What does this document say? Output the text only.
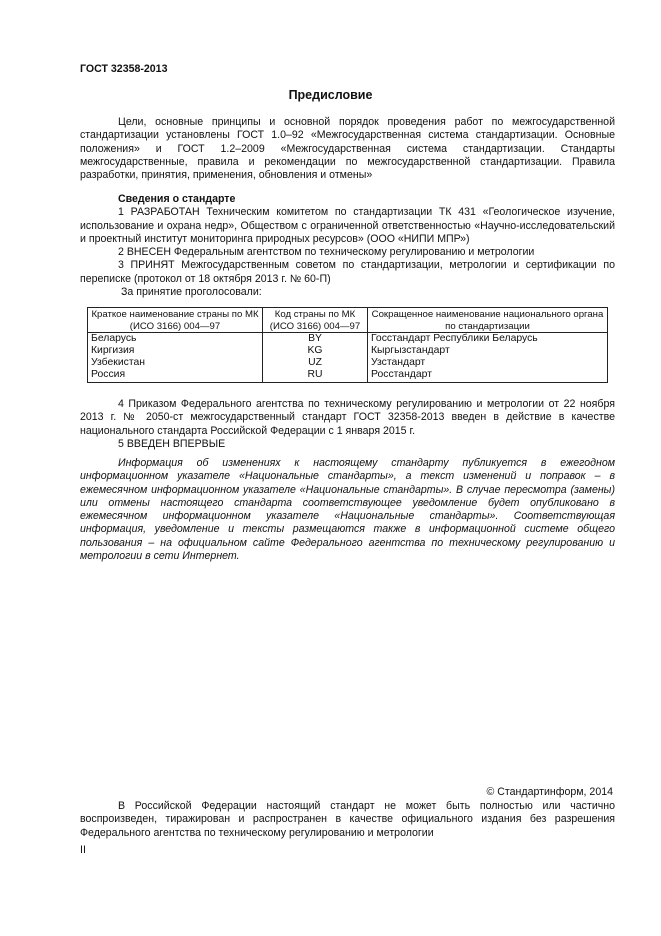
ГОСТ 32358-2013
Предисловие

Цели, основные принципы и основной порядок проведения работ по межгосударственной стандартизации установлены ГОСТ 1.0–92 «Межгосударственная система стандартизации. Основные положения» и ГОСТ 1.2–2009 «Межгосударственная система стандартизации. Стандарты межгосударственные, правила и рекомендации по межгосударственной стандартизации. Правила разработки, принятия, применения, обновления и отмены»

Сведения о стандарте

1 РАЗРАБОТАН Техническим комитетом по стандартизации ТК 431 «Геологическое изучение, использование и охрана недр», Обществом с ограниченной ответственностью «Научно-исследовательский и проектный институт мониторинга природных ресурсов» (ООО «НИПИ МПР»)

2 ВНЕСЕН Федеральным агентством по техническому регулированию и метрологии

3 ПРИНЯТ Межгосударственным советом по стандартизации, метрологии и сертификации по переписке (протокол от 18 октября 2013 г. № 60-П)

За принятие проголосовали:

Краткое наименование страны по МК (ИСО 3166) 004—97	Код страны по МК (ИСО 3166) 004—97	Сокращенное наименование национального органа по стандартизации
Беларусь	BY	Госстандарт Республики Беларусь
Киргизия	KG	Кыргызстандарт
Узбекистан	UZ	Узстандарт
Россия	RU	Росстандарт

4 Приказом Федерального агентства по техническому регулированию и метрологии от 22 ноября 2013 г. № 2050-ст межгосударственный стандарт ГОСТ 32358-2013 введен в действие в качестве национального стандарта Российской Федерации с 1 января 2015 г.

5 ВВЕДЕН ВПЕРВЫЕ

Информация об изменениях к настоящему стандарту публикуется в ежегодном информационном указателе «Национальные стандарты», а текст изменений и поправок – в ежемесячном информационном указателе «Национальные стандарты». В случае пересмотра (замены) или отмены настоящего стандарта соответствующее уведомление будет опубликовано в ежемесячном информационном указателе «Национальные стандарты». Соответствующая информация, уведомление и тексты размещаются также в информационной системе общего пользования – на официальном сайте Федерального агентства по техническому регулированию и метрологии в сети Интернет.

© Стандартинформ, 2014

В Российской Федерации настоящий стандарт не может быть полностью или частично воспроизведен, тиражирован и распространен в качестве официального издания без разрешения Федерального агентства по техническому регулированию и метрологии

II
